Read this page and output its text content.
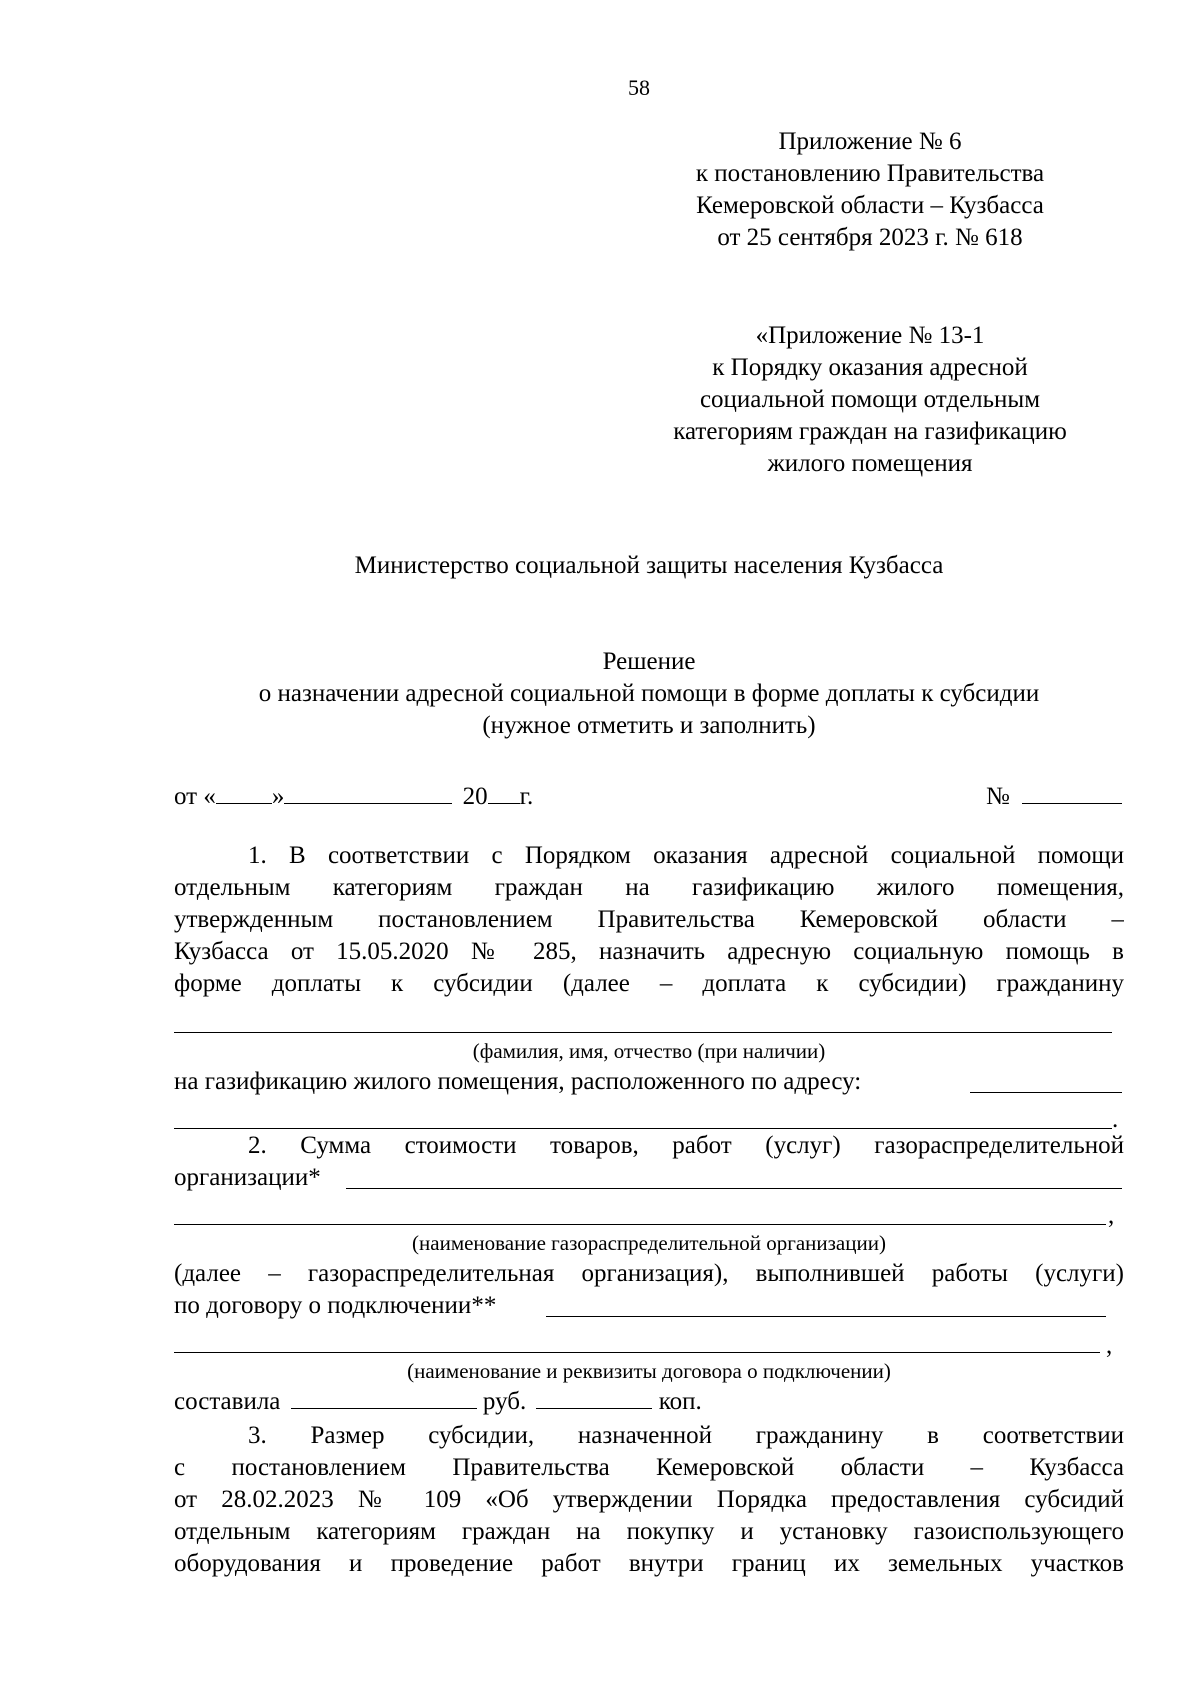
58
Приложение № 6
к постановлению Правительства
Кемеровской области – Кузбасса
от 25 сентября 2023 г. № 618
«Приложение № 13-1
к Порядку оказания адресной
социальной помощи отдельным
категориям граждан на газификацию
жилого помещения
Министерство социальной защиты населения Кузбасса
Решение
о назначении адресной социальной помощи в форме доплаты к субсидии
(нужное отметить и заполнить)
от « »	20 г.	№
1. В соответствии с Порядком оказания адресной социальной помощи
отдельным категориям граждан на газификацию жилого помещения,
утвержденным постановлением Правительства Кемеровской области –
Кузбасса от 15.05.2020 № 285, назначить адресную социальную помощь в
форме доплаты к субсидии (далее – доплата к субсидии) гражданину
(фамилия, имя, отчество (при наличии)
на газификацию жилого помещения, расположенного по адресу:
.
2. Сумма стоимости товаров, работ (услуг) газораспределительной
организации*
,
(наименование газораспределительной организации)
(далее – газораспределительная организация), выполнившей работы (услуги)
по договору о подключении**
,
(наименование и реквизиты договора о подключении)
составила	руб.	коп.
3. Размер субсидии, назначенной гражданину в соответствии
с постановлением Правительства Кемеровской области – Кузбасса
от 28.02.2023 № 109 «Об утверждении Порядка предоставления субсидий
отдельным категориям граждан на покупку и установку газоиспользующего
оборудования и проведение работ внутри границ их земельных участков
